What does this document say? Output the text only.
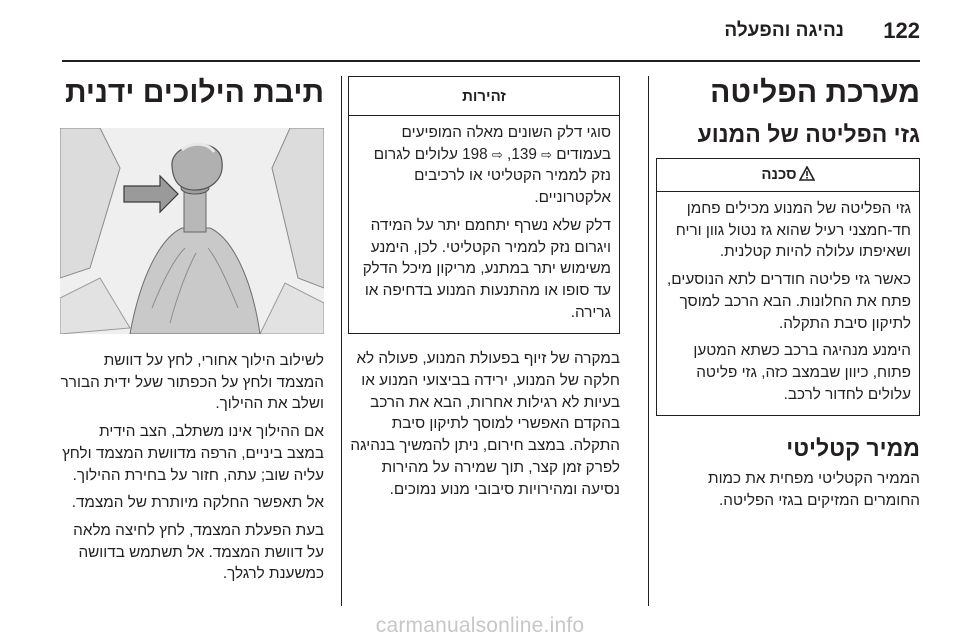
122
נהיגה והפעלה
מערכת הפליטה
גזי הפליטה של המנוע
סכנה

גזי הפליטה של המנוע מכילים פחמן חד-חמצני רעיל שהוא גז נטול גוון וריח ושאיפתו עלולה להיות קטלנית.

כאשר גזי פליטה חודרים לתא הנוסעים, פתח את החלונות. הבא הרכב למוסך לתיקון סיבת התקלה.

הימנע מנהיגה ברכב כשתא המטען פתוח, כיוון שבמצב כזה, גזי פליטה עלולים לחדור לרכב.

ממיר קטליטי

הממיר הקטליטי מפחית את כמות החומרים המזיקים בגזי הפליטה.

זהירות

סוגי דלק השונים מאלה המופיעים בעמודים ⇨ 139, ⇨ 198 עלולים לגרום נזק לממיר הקטליטי או לרכיבים אלקטרוניים.

דלק שלא נשרף יתחמם יתר על המידה ויגרום נזק לממיר הקטליטי. לכן, הימנע משימוש יתר במתנע, מריקון מיכל הדלק עד סופו או מהתנעות המנוע בדחיפה או גרירה.

במקרה של זיוף בפעולת המנוע, פעולה לא חלקה של המנוע, ירידה בביצועי המנוע או בעיות לא רגילות אחרות, הבא את הרכב בהקדם האפשרי למוסך לתיקון סיבת התקלה. במצב חירום, ניתן להמשיך בנהיגה לפרק זמן קצר, תוך שמירה על מהירות נסיעה ומהירויות סיבובי מנוע נמוכים.

תיבת הילוכים ידנית

לשילוב הילוך אחורי, לחץ על דוושת המצמד ולחץ על הכפתור שעל ידית הבורר ושלב את ההילוך.

אם ההילוך אינו משתלב, הצב הידית במצב ביניים, הרפה מדוושת המצמד ולחץ עליה שוב; עתה, חזור על בחירת ההילוך.

אל תאפשר החלקה מיותרת של המצמד.

בעת הפעלת המצמד, לחץ לחיצה מלאה על דוושת המצמד. אל תשתמש בדוושה כמשענת לרגלך.

carmanualsonline.info
